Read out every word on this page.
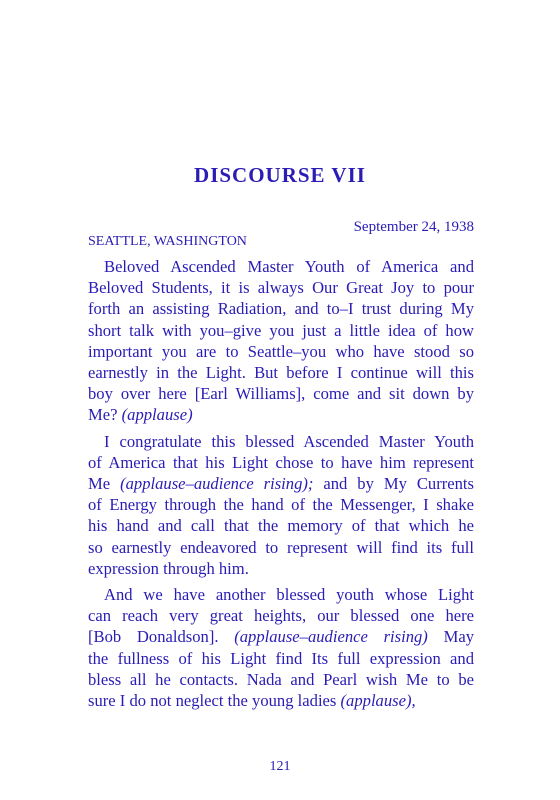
DISCOURSE VII
September 24, 1938
SEATTLE, WASHINGTON
Beloved Ascended Master Youth of America and
Beloved Students, it is always Our Great Joy to pour
forth an assisting Radiation, and to–I trust during My
short talk with you–give you just a little idea of how
important you are to Seattle–you who have stood so
earnestly in the Light. But before I continue will this
boy over here [Earl Williams], come and sit down by
Me? (applause)
I congratulate this blessed Ascended Master Youth
of America that his Light chose to have him represent
Me (applause–audience rising); and by My Currents
of Energy through the hand of the Messenger, I shake
his hand and call that the memory of that which he
so earnestly endeavored to represent will find its full
expression through him.
And we have another blessed youth whose Light
can reach very great heights, our blessed one here
[Bob Donaldson]. (applause–audience rising) May
the fullness of his Light find Its full expression and
bless all he contacts. Nada and Pearl wish Me to be
sure I do not neglect the young ladies (applause),
121
